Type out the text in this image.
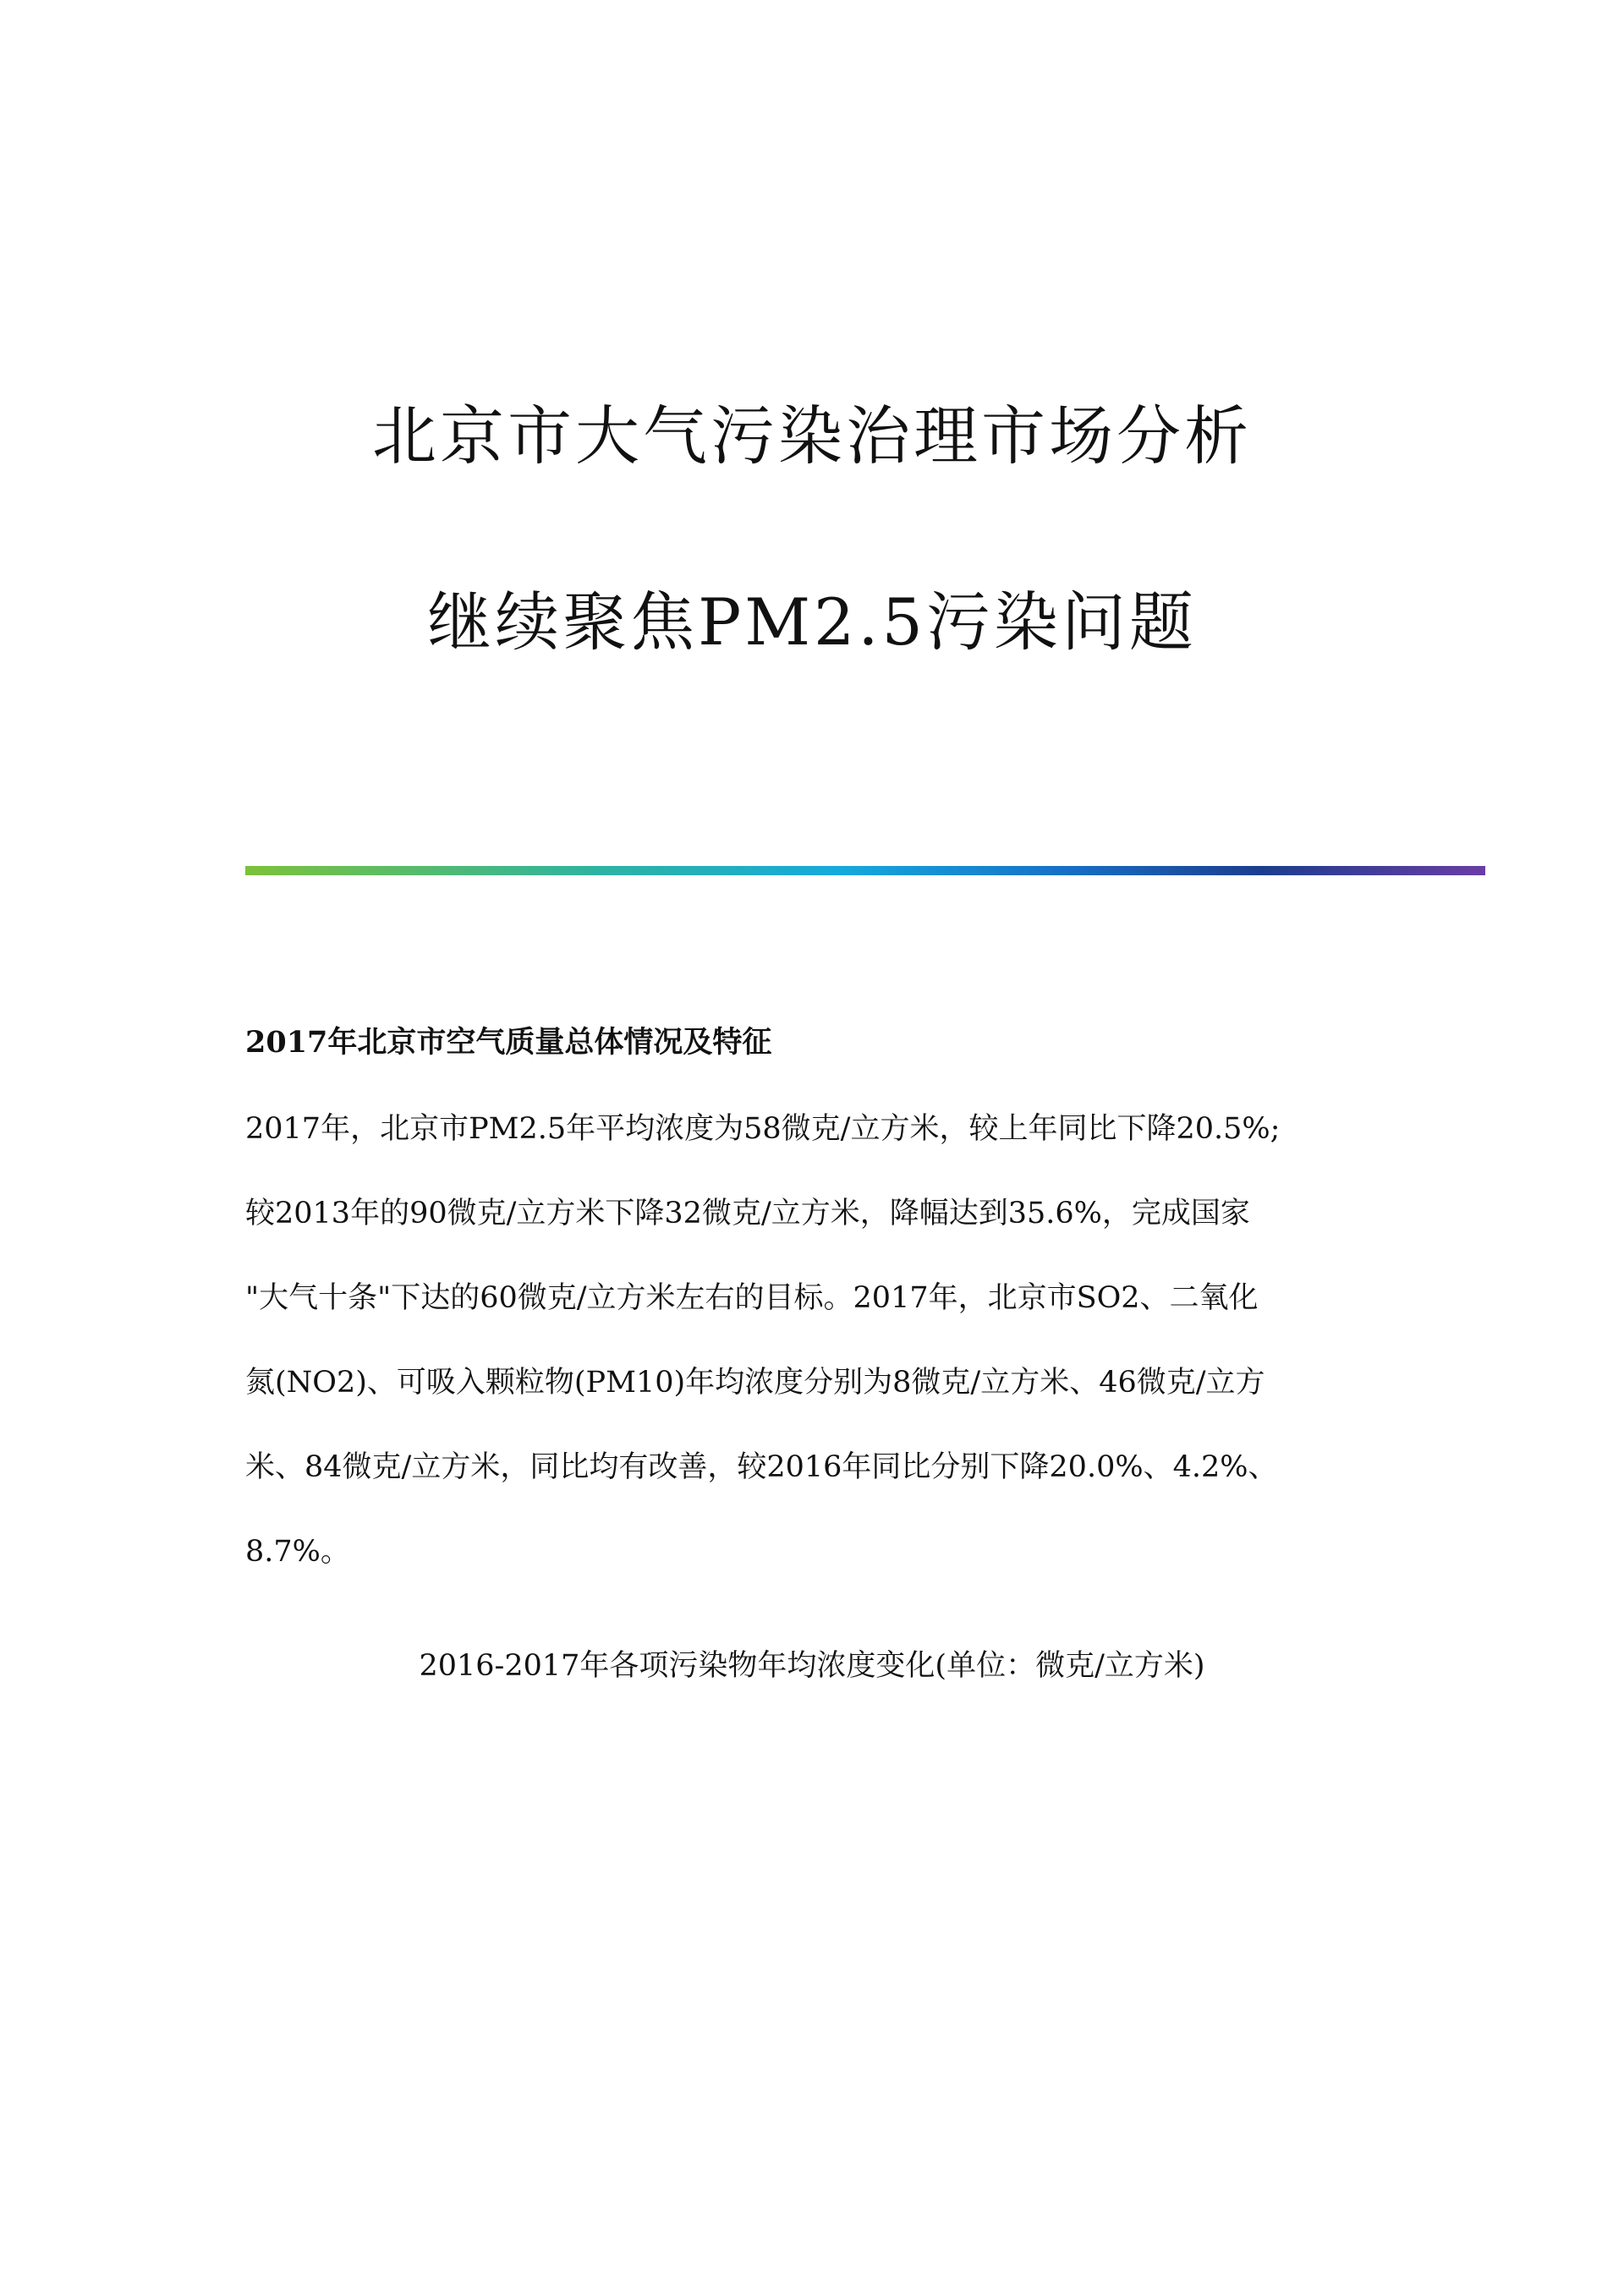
北京市大气污染治理市场分析
继续聚焦PM2.5污染问题
2017年北京市空气质量总体情况及特征

2017年，北京市PM2.5年平均浓度为58微克/立方米，较上年同比下降20.5%;

较2013年的90微克/立方米下降32微克/立方米，降幅达到35.6%，完成国家

"大气十条"下达的60微克/立方米左右的目标。2017年，北京市SO2、二氧化

氮(NO2)、可吸入颗粒物(PM10)年均浓度分别为8微克/立方米、46微克/立方

米、84微克/立方米，同比均有改善，较2016年同比分别下降20.0%、4.2%、

8.7%。

2016-2017年各项污染物年均浓度变化(单位：微克/立方米)
